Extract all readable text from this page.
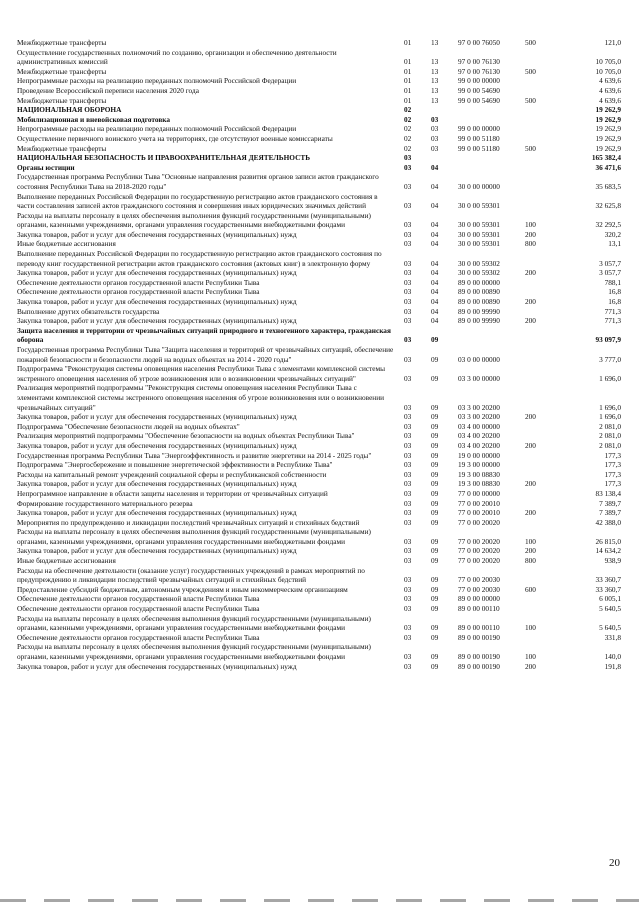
Межбюджетные трансферты	01	13	97 0 00 76050	500	121,0
Осуществление государственных полномочий по созданию, организации и обеспечению деятельности административных комиссий	01	13	97 0 00 76130	10 705,0
Межбюджетные трансферты	01	13	97 0 00 76130	500	10 705,0
Непрограммные расходы на реализацию переданных полномочий Российской Федерации	01	13	99 0 00 00000	4 639,6
Проведение Всероссийской переписи населения 2020 года	01	13	99 0 00 54690	4 639,6
Межбюджетные трансферты	01	13	99 0 00 54690	500	4 639,6
НАЦИОНАЛЬНАЯ ОБОРОНА	02	19 262,9
Мобилизационная и вневойсковая подготовка	02	03	19 262,9
Непрограммные расходы на реализацию переданных полномочий Российской Федерации	02	03	99 0 00 00000	19 262,9
Осуществление первичного воинского учета на территориях, где отсутствуют военные комиссариаты	02	03	99 0 00 51180	19 262,9
Межбюджетные трансферты	02	03	99 0 00 51180	500	19 262,9
НАЦИОНАЛЬНАЯ БЕЗОПАСНОСТЬ И ПРАВООХРАНИТЕЛЬНАЯ ДЕЯТЕЛЬНОСТЬ	03	165 382,4
Органы юстиции	03	04	36 471,6
Государственная программа Республики Тыва "Основные направления развития органов записи актов гражданского состояния Республики Тыва на 2018-2020 годы"	03	04	30 0 00 00000	35 683,5
Выполнение переданных Российской Федерации по государственную регистрацию актов гражданского состояния в части составления записей актов гражданского состояния и совершения иных юридических значимых действий	03	04	30 0 00 59301	32 625,8
Расходы на выплаты персоналу в целях обеспечения выполнения функций государственными (муниципальными) органами, казенными учреждениями, органами управления государственными внебюджетными фондами	03	04	30 0 00 59301	100	32 292,5
Закупка товаров, работ и услуг для обеспечения государственных (муниципальных) нужд	03	04	30 0 00 59301	200	320,2
Иные бюджетные ассигнования	03	04	30 0 00 59301	800	13,1
Выполнение переданных Российской Федерации по государственную регистрацию актов гражданского состояния по переводу книг государственной регистрации актов гражданского состояния (актовых книг) в электронную форму	03	04	30 0 00 59302	3 057,7
Закупка товаров, работ и услуг для обеспечения государственных (муниципальных) нужд	03	04	30 0 00 59302	200	3 057,7
Обеспечение деятельности органов государственной власти Республики Тыва	03	04	89 0 00 00000	788,1
Обеспечение деятельности органов государственной власти Республики Тыва	03	04	89 0 00 00890	16,8
Закупка товаров, работ и услуг для обеспечения государственных (муниципальных) нужд	03	04	89 0 00 00890	200	16,8
Выполнение других обязательств государства	03	04	89 0 00 99990	771,3
Закупка товаров, работ и услуг для обеспечения государственных (муниципальных) нужд	03	04	89 0 00 99990	200	771,3
Защита населения и территории от чрезвычайных ситуаций природного и техногенного характера, гражданская оборона	03	09	93 097,9
Государственная программа Республики Тыва "Защита населения и территорий от чрезвычайных ситуаций, обеспечение пожарной безопасности и безопасности людей на водных объектах на 2014 - 2020 годы"	03	09	03 0 00 00000	3 777,0
Подпрограмма "Реконструкция системы оповещения населения Республики Тыва с элементами комплексной системы экстренного оповещения населения об угрозе возникновения или о возникновении чрезвычайных ситуаций"	03	09	03 3 00 00000	1 696,0
Реализация мероприятий подпрограммы "Реконструкция системы оповещения населения Республики Тыва с элементами комплексной системы экстренного оповещения населения об угрозе возникновения или о возникновении чрезвычайных ситуаций"	03	09	03 3 00 20200	1 696,0
Закупка товаров, работ и услуг для обеспечения государственных (муниципальных) нужд	03	09	03 3 00 20200	200	1 696,0
Подпрограмма "Обеспечение безопасности людей на водных объектах"	03	09	03 4 00 00000	2 081,0
Реализация мероприятий подпрограммы "Обеспечение безопасности на водных объектах Республики Тыва"	03	09	03 4 00 20200	2 081,0
Закупка товаров, работ и услуг для обеспечения государственных (муниципальных) нужд	03	09	03 4 00 20200	200	2 081,0
Государственная программа Республики Тыва "Энергоэффективность и развитие энергетики на 2014 - 2025 годы"	03	09	19 0 00 00000	177,3
Подпрограмма "Энергосбережение и повышение энергетической эффективности в Республике Тыва"	03	09	19 3 00 00000	177,3
Расходы на капитальный ремонт учреждений социальной сферы и республиканской собственности	03	09	19 3 00 08830	177,3
Закупка товаров, работ и услуг для обеспечения государственных (муниципальных) нужд	03	09	19 3 00 08830	200	177,3
Непрограммное направление в области защиты населения и территории от чрезвычайных ситуаций	03	09	77 0 00 00000	83 138,4
Формирование государственного материального резерва	03	09	77 0 00 20010	7 389,7
Закупка товаров, работ и услуг для обеспечения государственных (муниципальных) нужд	03	09	77 0 00 20010	200	7 389,7
Мероприятия по предупреждению и ликвидации последствий чрезвычайных ситуаций и стихийных бедствий	03	09	77 0 00 20020	42 388,0
Расходы на выплаты персоналу в целях обеспечения выполнения функций государственными (муниципальными) органами, казенными учреждениями, органами управления государственными внебюджетными фондами	03	09	77 0 00 20020	100	26 815,0
Закупка товаров, работ и услуг для обеспечения государственных (муниципальных) нужд	03	09	77 0 00 20020	200	14 634,2
Иные бюджетные ассигнования	03	09	77 0 00 20020	800	938,9
Расходы на обеспечение деятельности (оказание услуг) государственных учреждений в рамках мероприятий по предупреждению и ликвидации последствий чрезвычайных ситуаций и стихийных бедствий	03	09	77 0 00 20030	33 360,7
Предоставление субсидий бюджетным, автономным учреждениям и иным некоммерческим организациям	03	09	77 0 00 20030	600	33 360,7
Обеспечение деятельности органов государственной власти Республики Тыва	03	09	89 0 00 00000	6 005,1
Обеспечение деятельности органов государственной власти Республики Тыва	03	09	89 0 00 00110	5 640,5
Расходы на выплаты персоналу в целях обеспечения выполнения функций государственными (муниципальными) органами, казенными учреждениями, органами управления государственными внебюджетными фондами	03	09	89 0 00 00110	100	5 640,5
Обеспечение деятельности органов государственной власти Республики Тыва	03	09	89 0 00 00190	331,8
Расходы на выплаты персоналу в целях обеспечения выполнения функций государственными (муниципальными) органами, казенными учреждениями, органами управления государственными внебюджетными фондами	03	09	89 0 00 00190	100	140,0
Закупка товаров, работ и услуг для обеспечения государственных (муниципальных) нужд	03	09	89 0 00 00190	200	191,8
20
